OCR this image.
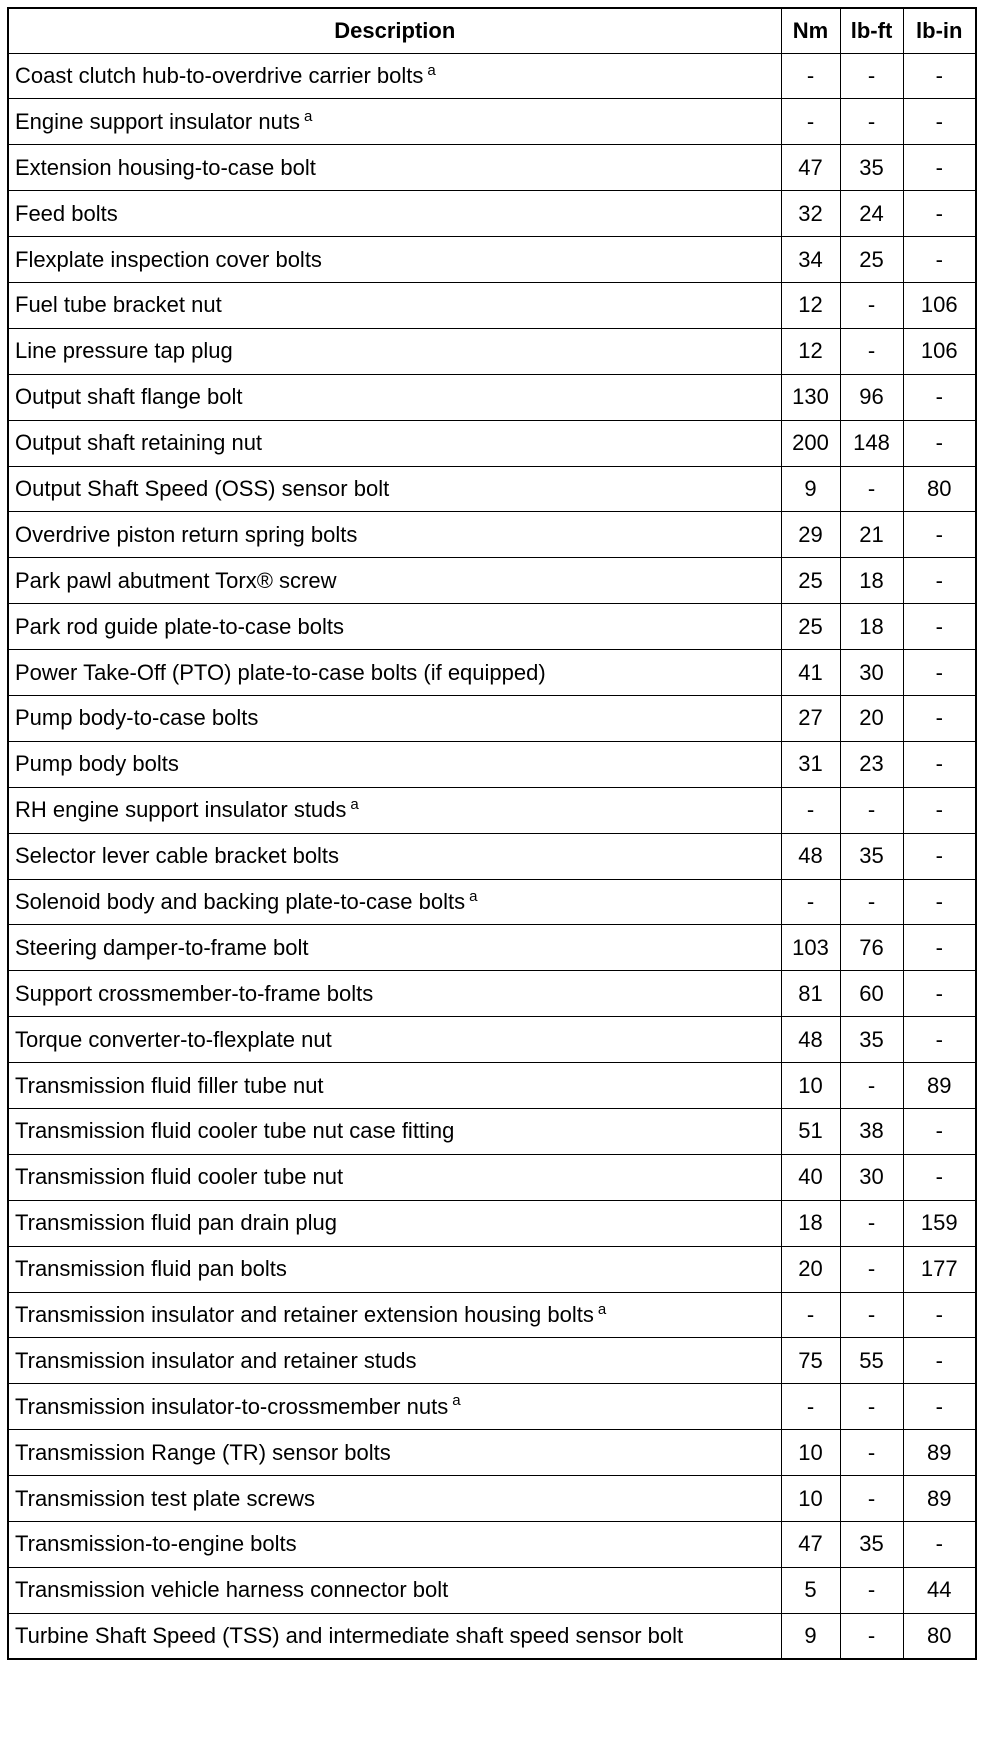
Description	Nm	lb-ft	lb-in
Coast clutch hub-to-overdrive carrier bolts $^a$	-	-	-
Engine support insulator nuts $^a$	-	-	-
Extension housing-to-case bolt	47	35	-
Feed bolts	32	24	-
Flexplate inspection cover bolts	34	25	-
Fuel tube bracket nut	12	-	106
Line pressure tap plug	12	-	106
Output shaft flange bolt	130	96	-
Output shaft retaining nut	200	148	-
Output Shaft Speed (OSS) sensor bolt	9	-	80
Overdrive piston return spring bolts	29	21	-
Park pawl abutment Torx® screw	25	18	-
Park rod guide plate-to-case bolts	25	18	-
Power Take-Off (PTO) plate-to-case bolts (if equipped)	41	30	-
Pump body-to-case bolts	27	20	-
Pump body bolts	31	23	-
RH engine support insulator studs $^a$	-	-	-
Selector lever cable bracket bolts	48	35	-
Solenoid body and backing plate-to-case bolts $^a$	-	-	-
Steering damper-to-frame bolt	103	76	-
Support crossmember-to-frame bolts	81	60	-
Torque converter-to-flexplate nut	48	35	-
Transmission fluid filler tube nut	10	-	89
Transmission fluid cooler tube nut case fitting	51	38	-
Transmission fluid cooler tube nut	40	30	-
Transmission fluid pan drain plug	18	-	159
Transmission fluid pan bolts	20	-	177
Transmission insulator and retainer extension housing bolts $^a$	-	-	-
Transmission insulator and retainer studs	75	55	-
Transmission insulator-to-crossmember nuts $^a$	-	-	-
Transmission Range (TR) sensor bolts	10	-	89
Transmission test plate screws	10	-	89
Transmission-to-engine bolts	47	35	-
Transmission vehicle harness connector bolt	5	-	44
Turbine Shaft Speed (TSS) and intermediate shaft speed sensor bolt	9	-	80
